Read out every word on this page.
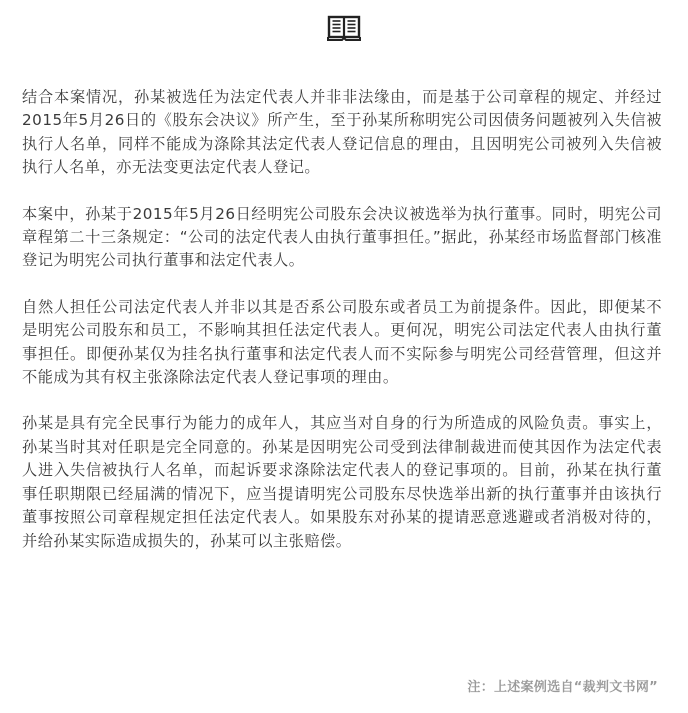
结合本案情况，孙某被选任为法定代表人并非非法缘由，而是基于公司章程的规定、并经过2015年5月26日的《股东会决议》所产生，至于孙某所称明宪公司因债务问题被列入失信被执行人名单，同样不能成为涤除其法定代表人登记信息的理由，且因明宪公司被列入失信被执行人名单，亦无法变更法定代表人登记。

本案中，孙某于2015年5月26日经明宪公司股东会决议被选举为执行董事。同时，明宪公司章程第二十三条规定：“公司的法定代表人由执行董事担任。”据此，孙某经市场监督部门核准登记为明宪公司执行董事和法定代表人。

自然人担任公司法定代表人并非以其是否系公司股东或者员工为前提条件。因此，即便某不是明宪公司股东和员工，不影响其担任法定代表人。更何况，明宪公司法定代表人由执行董事担任。即便孙某仅为挂名执行董事和法定代表人而不实际参与明宪公司经营管理，但这并不能成为其有权主张涤除法定代表人登记事项的理由。

孙某是具有完全民事行为能力的成年人，其应当对自身的行为所造成的风险负责。事实上，孙某当时其对任职是完全同意的。孙某是因明宪公司受到法律制裁进而使其因作为法定代表人进入失信被执行人名单，而起诉要求涤除法定代表人的登记事项的。目前，孙某在执行董事任职期限已经届满的情况下，应当提请明宪公司股东尽快选举出新的执行董事并由该执行董事按照公司章程规定担任法定代表人。如果股东对孙某的提请恶意逃避或者消极对待的，并给孙某实际造成损失的，孙某可以主张赔偿。

注：上述案例选自“裁判文书网”
